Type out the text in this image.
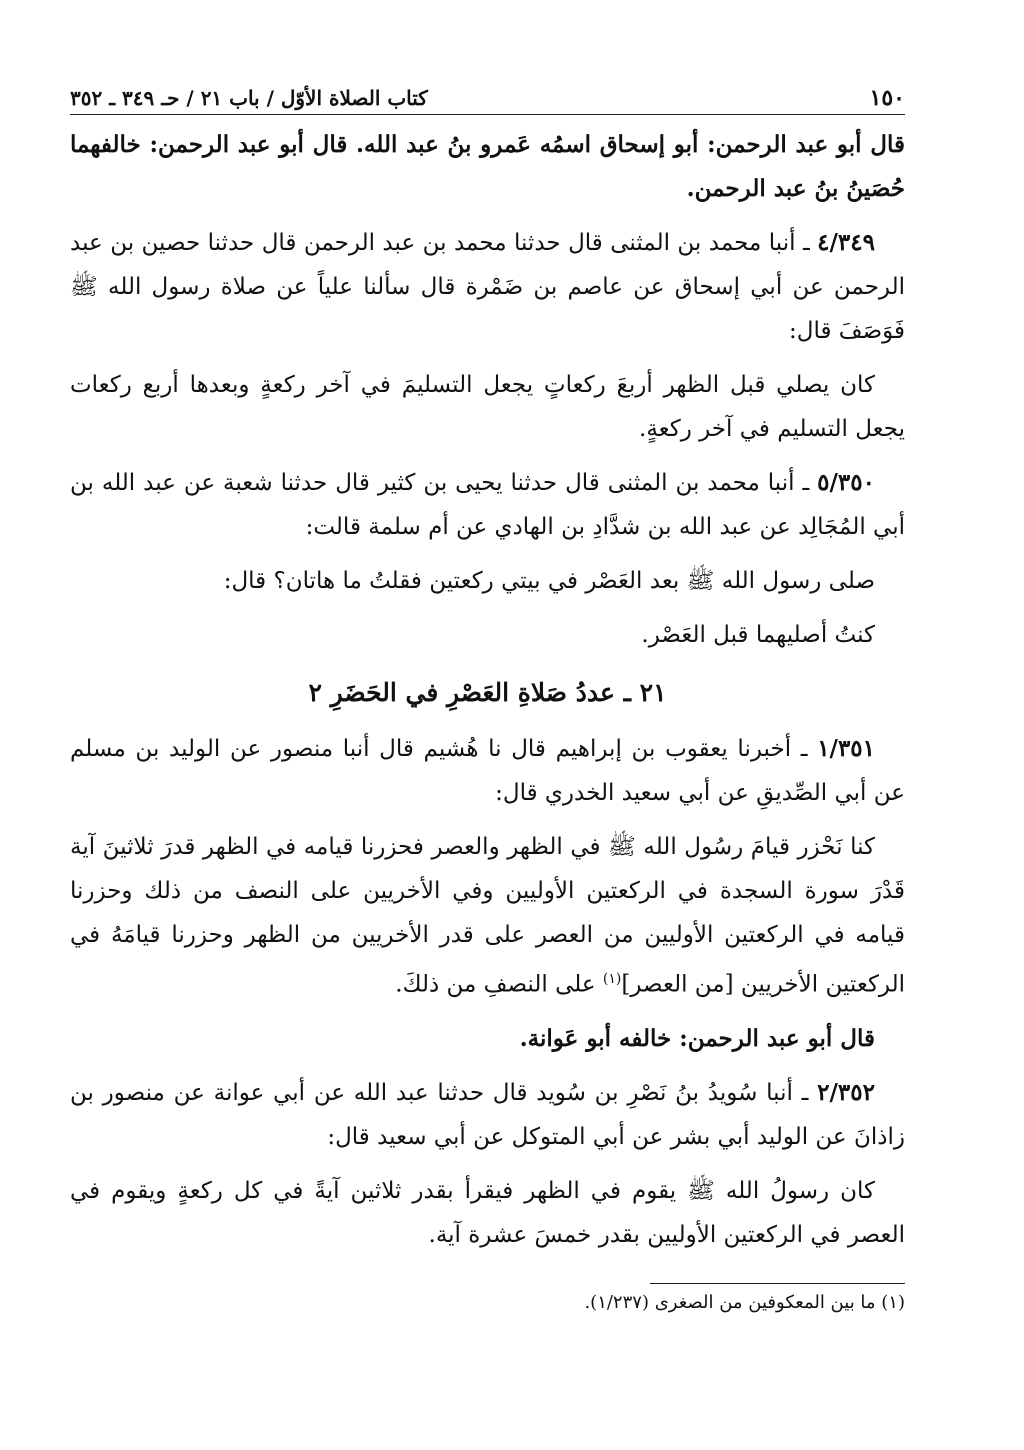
١٥٠
كتاب الصلاة الأوّل / باب ٢١ / حـ ٣٤٩ ـ ٣٥٢

قال أبو عبد الرحمن: أبو إسحاق اسمُه عَمرو بنُ عبد الله. قال أبو عبد الرحمن: خالفهما حُصَينُ بنُ عبد الرحمن.

٤/٣٤٩ ـ أنبا محمد بن المثنى قال حدثنا محمد بن عبد الرحمن قال حدثنا حصين بن عبد الرحمن عن أبي إسحاق عن عاصم بن ضَمْرة قال سألنا علياً عن صلاة رسول الله ﷺ فَوَصَفَ قال:

كان يصلي قبل الظهر أربعَ ركعاتٍ يجعل التسليمَ في آخر ركعةٍ وبعدها أربع ركعات يجعل التسليم في آخر ركعةٍ.

٥/٣٥٠ ـ أنبا محمد بن المثنى قال حدثنا يحيى بن كثير قال حدثنا شعبة عن عبد الله بن أبي المُجَالِد عن عبد الله بن شدَّادِ بن الهادي عن أم سلمة قالت:

صلى رسول الله ﷺ بعد العَصْر في بيتي ركعتين فقلتُ ما هاتان؟ قال:

كنتُ أصليهما قبل العَصْر.

٢١ ـ عددُ صَلاةِ العَصْرِ في الحَضَرِ ٢

١/٣٥١ ـ أخبرنا يعقوب بن إبراهيم قال نا هُشيم قال أنبا منصور عن الوليد بن مسلم عن أبي الصِّديقِ عن أبي سعيد الخدري قال:

كنا نَحْزر قيامَ رسُول الله ﷺ في الظهر والعصر فحزرنا قيامه في الظهر قدرَ ثلاثينَ آية قَدْرَ سورة السجدة في الركعتين الأوليين وفي الأخريين على النصف من ذلك وحزرنا قيامه في الركعتين الأوليين من العصر على قدر الأخريين من الظهر وحزرنا قيامَهُ في الركعتين الأخريين [من العصر]$^{(١)}$ على النصفِ من ذلكَ.

قال أبو عبد الرحمن: خالفه أبو عَوانة.

٢/٣٥٢ ـ أنبا سُويدُ بنُ نَصْرِ بن سُويد قال حدثنا عبد الله عن أبي عوانة عن منصور بن زاذانَ عن الوليد أبي بشر عن أبي المتوكل عن أبي سعيد قال:

كان رسولُ الله ﷺ يقوم في الظهر فيقرأ بقدر ثلاثين آيةً في كل ركعةٍ ويقوم في العصر في الركعتين الأوليين بقدر خمسَ عشرة آية.

(١) ما بين المعكوفين من الصغرى (١/٢٣٧).
